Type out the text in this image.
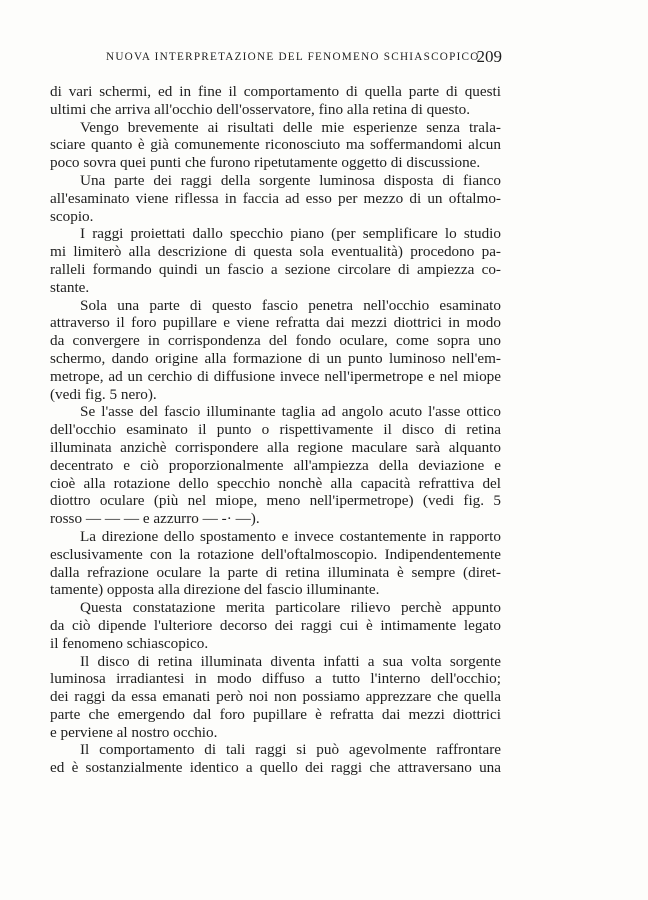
NUOVA INTERPRETAZIONE DEL FENOMENO SCHIASCOPICO
209
di vari schermi, ed in fine il comportamento di quella parte di questi
ultimi che arriva all'occhio dell'osservatore, fino alla retina di questo.
Vengo brevemente ai risultati delle mie esperienze senza trala-
sciare quanto è già comunemente riconosciuto ma soffermandomi alcun
poco sovra quei punti che furono ripetutamente oggetto di discussione.
Una parte dei raggi della sorgente luminosa disposta di fianco
all'esaminato viene riflessa in faccia ad esso per mezzo di un oftalmo-
scopio.
I raggi proiettati dallo specchio piano (per semplificare lo studio
mi limiterò alla descrizione di questa sola eventualità) procedono pa-
ralleli formando quindi un fascio a sezione circolare di ampiezza co-
stante.
Sola una parte di questo fascio penetra nell'occhio esaminato
attraverso il foro pupillare e viene refratta dai mezzi diottrici in modo
da convergere in corrispondenza del fondo oculare, come sopra uno
schermo, dando origine alla formazione di un punto luminoso nell'em-
metrope, ad un cerchio di diffusione invece nell'ipermetrope e nel miope
(vedi fig. 5 nero).
Se l'asse del fascio illuminante taglia ad angolo acuto l'asse ottico
dell'occhio esaminato il punto o rispettivamente il disco di retina
illuminata anzichè corrispondere alla regione maculare sarà alquanto
decentrato e ciò proporzionalmente all'ampiezza della deviazione e
cioè alla rotazione dello specchio nonchè alla capacità refrattiva del
diottro oculare (più nel miope, meno nell'ipermetrope) (vedi fig. 5
rosso — — — e azzurro — -· —).
La direzione dello spostamento e invece costantemente in rapporto
esclusivamente con la rotazione dell'oftalmoscopio. Indipendentemente
dalla refrazione oculare la parte di retina illuminata è sempre (diret-
tamente) opposta alla direzione del fascio illuminante.
Questa constatazione merita particolare rilievo perchè appunto
da ciò dipende l'ulteriore decorso dei raggi cui è intimamente legato
il fenomeno schiascopico.
Il disco di retina illuminata diventa infatti a sua volta sorgente
luminosa irradiantesi in modo diffuso a tutto l'interno dell'occhio;
dei raggi da essa emanati però noi non possiamo apprezzare che quella
parte che emergendo dal foro pupillare è refratta dai mezzi diottrici
e perviene al nostro occhio.
Il comportamento di tali raggi si può agevolmente raffrontare
ed è sostanzialmente identico a quello dei raggi che attraversano una
